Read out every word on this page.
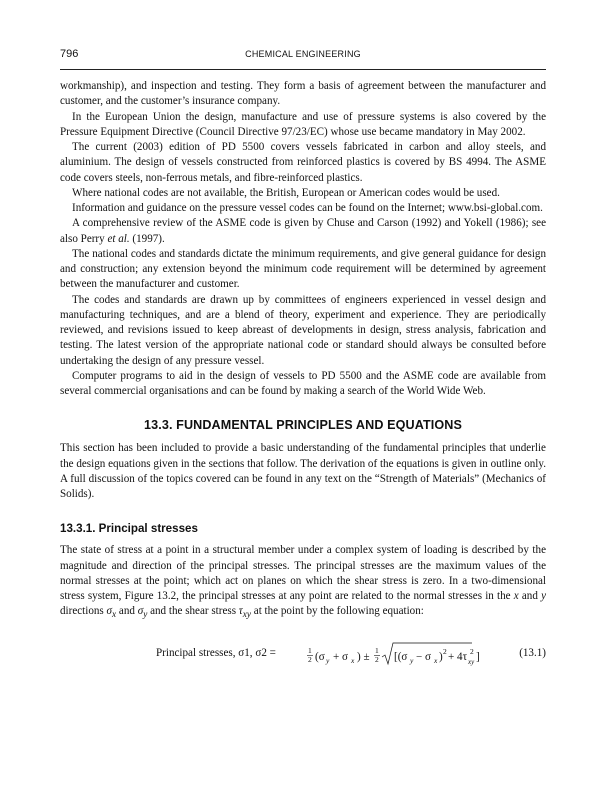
796	CHEMICAL ENGINEERING

workmanship), and inspection and testing. They form a basis of agreement between the manufacturer and customer, and the customer’s insurance company.

In the European Union the design, manufacture and use of pressure systems is also covered by the Pressure Equipment Directive (Council Directive 97/23/EC) whose use became mandatory in May 2002.

The current (2003) edition of PD 5500 covers vessels fabricated in carbon and alloy steels, and aluminium. The design of vessels constructed from reinforced plastics is covered by BS 4994. The ASME code covers steels, non-ferrous metals, and fibre-reinforced plastics.

Where national codes are not available, the British, European or American codes would be used.

Information and guidance on the pressure vessel codes can be found on the Internet; www.bsi-global.com.

A comprehensive review of the ASME code is given by Chuse and Carson (1992) and Yokell (1986); see also Perry et al. (1997).

The national codes and standards dictate the minimum requirements, and give general guidance for design and construction; any extension beyond the minimum code requirement will be determined by agreement between the manufacturer and customer.

The codes and standards are drawn up by committees of engineers experienced in vessel design and manufacturing techniques, and are a blend of theory, experiment and experience. They are periodically reviewed, and revisions issued to keep abreast of developments in design, stress analysis, fabrication and testing. The latest version of the appropriate national code or standard should always be consulted before undertaking the design of any pressure vessel.

Computer programs to aid in the design of vessels to PD 5500 and the ASME code are available from several commercial organisations and can be found by making a search of the World Wide Web.

13.3. FUNDAMENTAL PRINCIPLES AND EQUATIONS

This section has been included to provide a basic understanding of the fundamental principles that underlie the design equations given in the sections that follow. The derivation of the equations is given in outline only. A full discussion of the topics covered can be found in any text on the “Strength of Materials” (Mechanics of Solids).

13.3.1. Principal stresses

The state of stress at a point in a structural member under a complex system of loading is described by the magnitude and direction of the principal stresses. The principal stresses are the maximum values of the normal stresses at the point; which act on planes on which the shear stress is zero. In a two-dimensional stress system, Figure 13.2, the principal stresses at any point are related to the normal stresses in the x and y directions $\sigma_x$ and $\sigma_y$ and the shear stress $\tau_{xy}$ at the point by the following equation:

Principal stresses, σ1, σ2 =	1
2 (σ y + σ x ) ±
1
2 [(σ y − σ x ) 2 + 4τ 2
xy ]	(13.1)
